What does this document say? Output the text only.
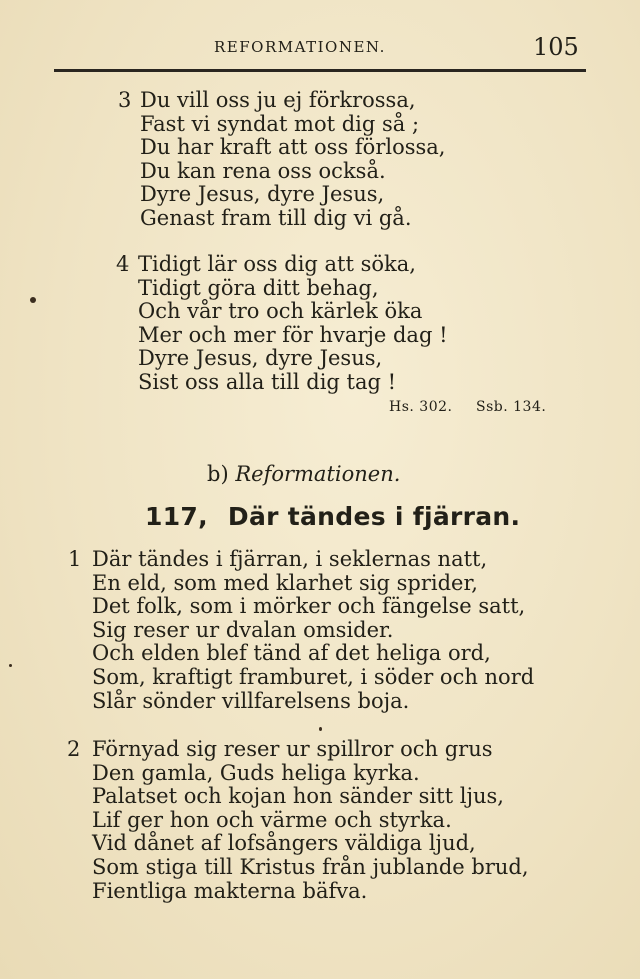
REFORMATIONEN.	105
3 Du vill oss ju ej förkrossa,
Fast vi syndat mot dig så ;
Du har kraft att oss förlossa,
Du kan rena oss också.
Dyre Jesus, dyre Jesus,
Genast fram till dig vi gå.
4 Tidigt lär oss dig att söka,
Tidigt göra ditt behag,
Och vår tro och kärlek öka
Mer och mer för hvarje dag !
Dyre Jesus, dyre Jesus,
Sist oss alla till dig tag !
Hs. 302. Ssb. 134.
b) Reformationen.
117, Där tändes i fjärran.
1 Där tändes i fjärran, i seklernas natt,
En eld, som med klarhet sig sprider,
Det folk, som i mörker och fängelse satt,
Sig reser ur dvalan omsider.
Och elden blef tänd af det heliga ord,
Som, kraftigt framburet, i söder och nord
Slår sönder villfarelsens boja.
2 Förnyad sig reser ur spillror och grus
Den gamla, Guds heliga kyrka.
Palatset och kojan hon sänder sitt ljus,
Lif ger hon och värme och styrka.
Vid dånet af lofsångers väldiga ljud,
Som stiga till Kristus från jublande brud,
Fientliga makterna bäfva.
